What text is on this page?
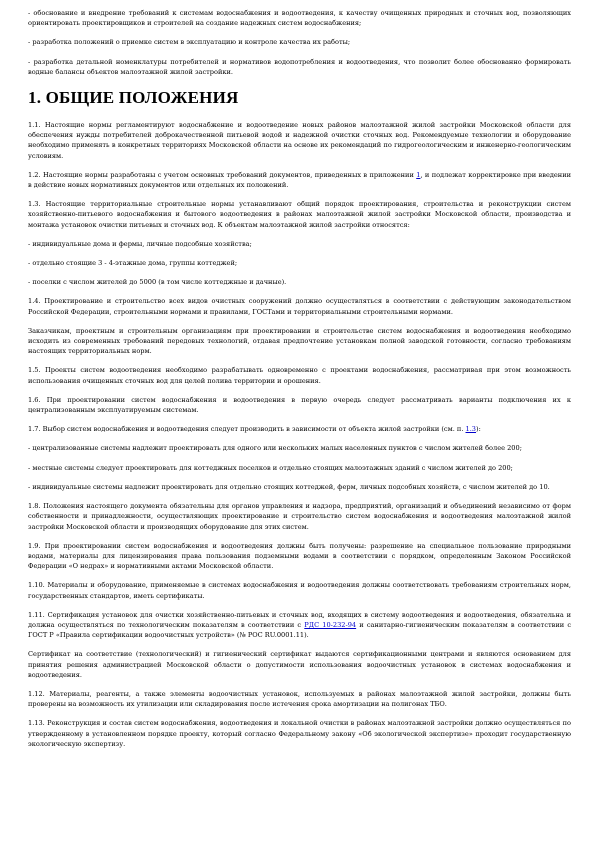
- обоснование и внедрение требований к системам водоснабжения и водоотведения, к качеству очищенных природных и сточных вод, позволяющих ориентировать проектировщиков и строителей на создание надежных систем водоснабжения;

- разработка положений о приемке систем в эксплуатацию и контроле качества их работы;

- разработка детальной номенклатуры потребителей и нормативов водопотребления и водоотведения, что позволит более обоснованно формировать водные балансы объектов малоэтажной жилой застройки.

1. ОБЩИЕ ПОЛОЖЕНИЯ

1.1. Настоящие нормы регламентируют водоснабжение и водоотведение новых районов малоэтажной жилой застройки Московской области для обеспечения нужды потребителей доброкачественной питьевой водой и надежной очистки сточных вод. Рекомендуемые технологии и оборудование необходимо применять в конкретных территориях Московской области на основе их рекомендаций по гидрогеологическим и инженерно-геологическим условиям.

1.2. Настоящие нормы разработаны с учетом основных требований документов, приведенных в приложении 1, и подлежат корректировке при введении в действие новых нормативных документов или отдельных их положений.

1.3. Настоящие территориальные строительные нормы устанавливают общий порядок проектирования, строительства и реконструкции систем хозяйственно-питьевого водоснабжения и бытового водоотведения в районах малоэтажной жилой застройки Московской области, производства и монтажа установок очистки питьевых и сточных вод. К объектам малоэтажной жилой застройки относятся:

- индивидуальные дома и фермы, личные подсобные хозяйства;

- отдельно стоящие 3 - 4-этажные дома, группы коттеджей;

- поселки с числом жителей до 5000 (в том числе коттеджные и дачные).

1.4. Проектирование и строительство всех видов очистных сооружений должно осуществляться в соответствии с действующим законодательством Российской Федерации, строительными нормами и правилами, ГОСТами и территориальными строительными нормами.

Заказчикам, проектным и строительным организациям при проектировании и строительстве систем водоснабжения и водоотведения необходимо исходить из современных требований передовых технологий, отдавая предпочтение установкам полной заводской готовности, согласно требованиям настоящих территориальных норм.

1.5. Проекты систем водоотведения необходимо разрабатывать одновременно с проектами водоснабжения, рассматривая при этом возможность использования очищенных сточных вод для целей полива территории и орошения.

1.6. При проектировании систем водоснабжения и водоотведения в первую очередь следует рассматривать варианты подключения их к централизованным эксплуатируемым системам.

1.7. Выбор систем водоснабжения и водоотведения следует производить в зависимости от объекта жилой застройки (см. п. 1.3):

- централизованные системы надлежит проектировать для одного или нескольких малых населенных пунктов с числом жителей более 200;

- местные системы следует проектировать для коттеджных поселков и отдельно стоящих малоэтажных зданий с числом жителей до 200;

- индивидуальные системы надлежит проектировать для отдельно стоящих коттеджей, ферм, личных подсобных хозяйств, с числом жителей до 10.

1.8. Положения настоящего документа обязательны для органов управления и надзора, предприятий, организаций и объединений независимо от форм собственности и принадлежности, осуществляющих проектирование и строительство систем водоснабжения и водоотведения малоэтажной жилой застройки Московской области и производящих оборудование для этих систем.

1.9. При проектировании систем водоснабжения и водоотведения должны быть получены: разрешение на специальное пользование природными водами, материалы для лицензирования права пользования подземными водами в соответствии с порядком, определенным Законом Российской Федерации «О недрах» и нормативными актами Московской области.

1.10. Материалы и оборудование, применяемые в системах водоснабжения и водоотведения должны соответствовать требованиям строительных норм, государственных стандартов, иметь сертификаты.

1.11. Сертификация установок для очистки хозяйственно-питьевых и сточных вод, входящих в систему водоотведения и водоотведения, обязательна и должна осуществляться по технологическим показателям в соответствии с РДС 10-232-94 и санитарно-гигиеническим показателям в соответствии с ГОСТ Р «Правила сертификации водоочистных устройств» (№ РОС RU.0001.11).

Сертификат на соответствие (технологический) и гигиенический сертификат выдаются сертификационными центрами и являются основанием для принятия решения администрацией Московской области о допустимости использования водоочистных установок в системах водоснабжения и водоотведения.

1.12. Материалы, реагенты, а также элементы водоочистных установок, используемых в районах малоэтажной жилой застройки, должны быть проверены на возможность их утилизации или складирования после истечения срока амортизации на полигонах ТБО.

1.13. Реконструкция и состав систем водоснабжения, водоотведения и локальной очистки в районах малоэтажной застройки должно осуществляться по утвержденному в установленном порядке проекту, который согласно Федеральному закону «Об экологической экспертизе» проходит государственную экологическую экспертизу.
